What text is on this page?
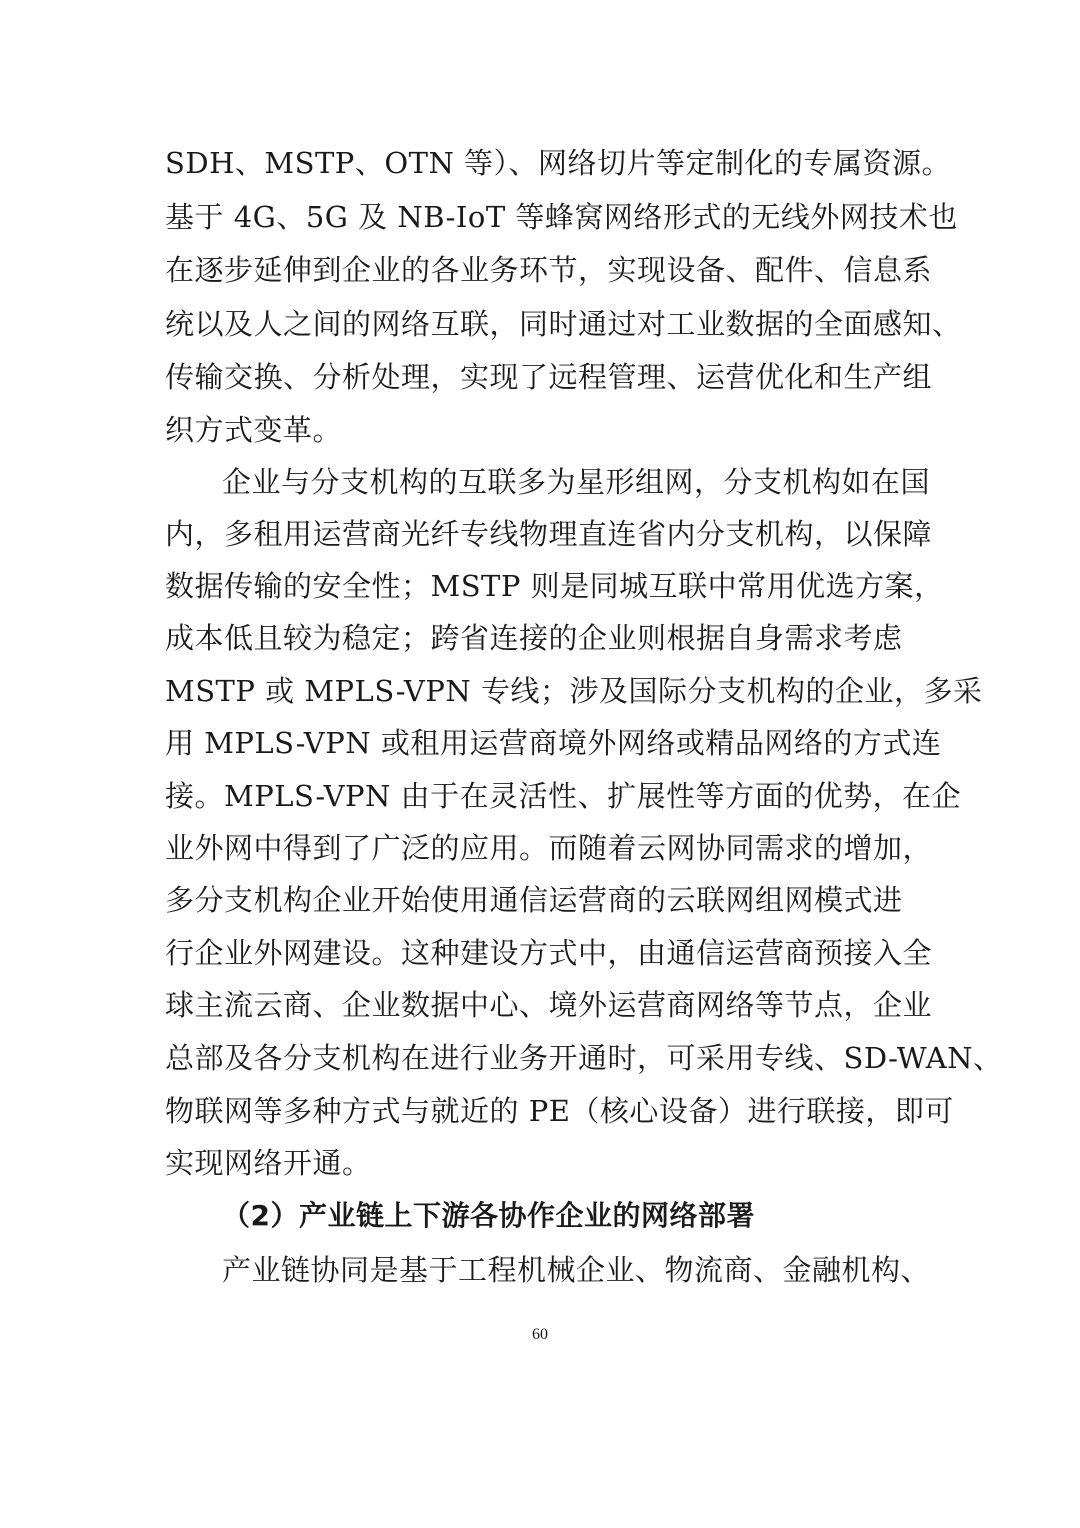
SDH、MSTP、OTN 等）、网络切片等定制化的专属资源。
基于 4G、5G 及 NB-IoT 等蜂窝网络形式的无线外网技术也
在逐步延伸到企业的各业务环节，实现设备、配件、信息系
统以及人之间的网络互联，同时通过对工业数据的全面感知、
传输交换、分析处理，实现了远程管理、运营优化和生产组
织方式变革。
企业与分支机构的互联多为星形组网，分支机构如在国
内，多租用运营商光纤专线物理直连省内分支机构，以保障
数据传输的安全性；MSTP 则是同城互联中常用优选方案，
成本低且较为稳定；跨省连接的企业则根据自身需求考虑
MSTP 或 MPLS-VPN 专线；涉及国际分支机构的企业，多采
用 MPLS-VPN 或租用运营商境外网络或精品网络的方式连
接。MPLS-VPN 由于在灵活性、扩展性等方面的优势，在企
业外网中得到了广泛的应用。而随着云网协同需求的增加，
多分支机构企业开始使用通信运营商的云联网组网模式进
行企业外网建设。这种建设方式中，由通信运营商预接入全
球主流云商、企业数据中心、境外运营商网络等节点，企业
总部及各分支机构在进行业务开通时，可采用专线、SD-WAN、
物联网等多种方式与就近的 PE（核心设备）进行联接，即可
实现网络开通。
（2）产业链上下游各协作企业的网络部署
产业链协同是基于工程机械企业、物流商、金融机构、
60
